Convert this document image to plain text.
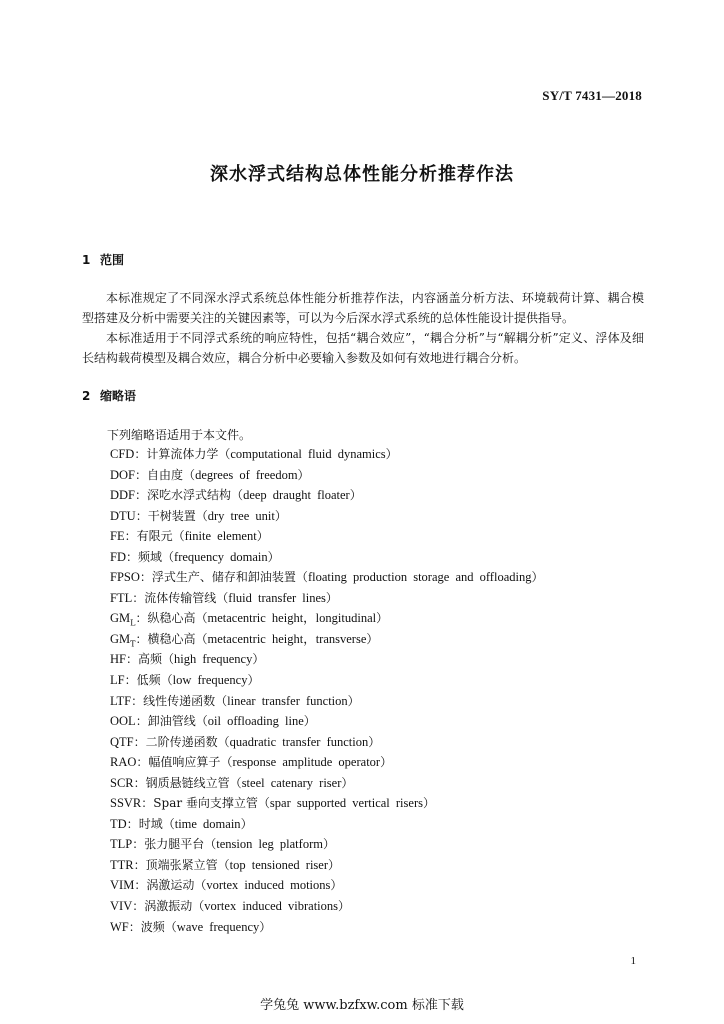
SY/T 7431—2018
深水浮式结构总体性能分析推荐作法
1 范围

本标准规定了不同深水浮式系统总体性能分析推荐作法，内容涵盖分析方法、环境载荷计算、耦合模型搭建及分析中需要关注的关键因素等，可以为今后深水浮式系统的总体性能设计提供指导。

本标准适用于不同浮式系统的响应特性，包括“耦合效应”，“耦合分析”与“解耦分析”定义、浮体及细长结构载荷模型及耦合效应，耦合分析中必要输入参数及如何有效地进行耦合分析。

2 缩略语
下列缩略语适用于本文件。
CFD：计算流体力学（computational fluid dynamics）
DOF：自由度（degrees of freedom）
DDF：深吃水浮式结构（deep draught floater）
DTU：干树装置（dry tree unit）
FE：有限元（finite element）
FD：频域（frequency domain）
FPSO：浮式生产、储存和卸油装置（floating production storage and offloading）
FTL：流体传输管线（fluid transfer lines）
$GM_L$：纵稳心高（metacentric height，longitudinal）
$GM_T$：横稳心高（metacentric height，transverse）
HF：高频（high frequency）
LF：低频（low frequency）
LTF：线性传递函数（linear transfer function）
OOL：卸油管线（oil offloading line）
QTF：二阶传递函数（quadratic transfer function）
RAO：幅值响应算子（response amplitude operator）
SCR：钢质悬链线立管（steel catenary riser）
SSVR：Spar 垂向支撑立管（spar supported vertical risers）
TD：时域（time domain）
TLP：张力腿平台（tension leg platform）
TTR：顶端张紧立管（top tensioned riser）
VIM：涡激运动（vortex induced motions）
VIV：涡激振动（vortex induced vibrations）
WF：波频（wave frequency）
1
学兔兔 www.bzfxw.com 标准下载
